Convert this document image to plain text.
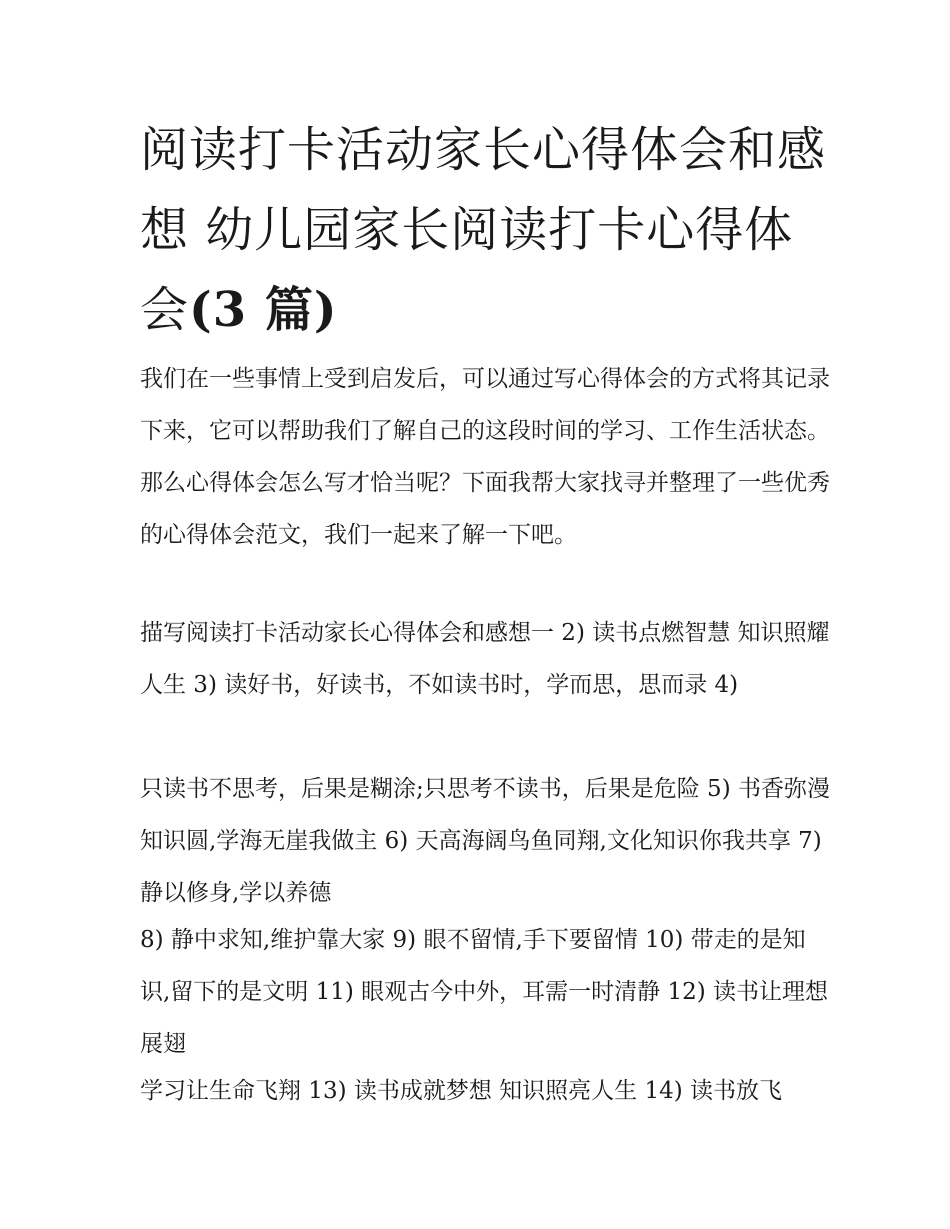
阅读打卡活动家长心得体会和感想 幼儿园家长阅读打卡心得体会(3 篇)

我们在一些事情上受到启发后，可以通过写心得体会的方式将其记录下来，它可以帮助我们了解自己的这段时间的学习、工作生活状态。那么心得体会怎么写才恰当呢？下面我帮大家找寻并整理了一些优秀的心得体会范文，我们一起来了解一下吧。

描写阅读打卡活动家长心得体会和感想一 2) 读书点燃智慧 知识照耀人生 3) 读好书，好读书，不如读书时，学而思，思而录 4)

只读书不思考，后果是糊涂;只思考不读书，后果是危险 5) 书香弥漫知识圆,学海无崖我做主 6) 天高海阔鸟鱼同翔,文化知识你我共享 7) 静以修身,学以养德

8) 静中求知,维护靠大家 9) 眼不留情,手下要留情 10) 带走的是知识,留下的是文明 11) 眼观古今中外，耳需一时清静 12) 读书让理想展翅

学习让生命飞翔 13) 读书成就梦想 知识照亮人生 14) 读书放飞
